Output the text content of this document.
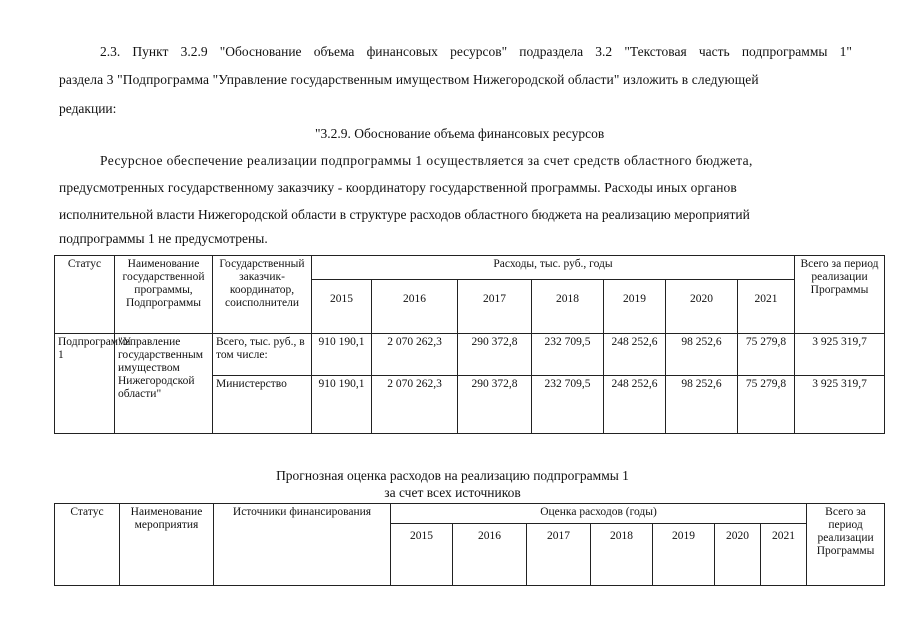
2.3. Пункт 3.2.9 "Обоснование объема финансовых ресурсов" подраздела 3.2 "Текстовая часть подпрограммы 1"
раздела 3 "Подпрограмма "Управление государственным имуществом Нижегородской области" изложить в следующей
редакции:
"3.2.9. Обоснование объема финансовых ресурсов
Ресурсное обеспечение реализации подпрограммы 1 осуществляется за счет средств областного бюджета,
предусмотренных государственному заказчику - координатору государственной программы. Расходы иных органов
исполнительной власти Нижегородской области в структуре расходов областного бюджета на реализацию мероприятий
подпрограммы 1 не предусмотрены.
Статус	Наименование государственной программы, Подпрограммы	Государственный заказчик-координатор, соисполнители	Расходы, тыс. руб., годы							Всего за период реализации Программы
			2015	2016	2017	2018	2019	2020	2021	
Подпрограмма 1	"Управление государственным имуществом Нижегородской области"	Всего, тыс. руб., в том числе:	910 190,1	2 070 262,3	290 372,8	232 709,5	248 252,6	98 252,6	75 279,8	3 925 319,7
		Министерство	910 190,1	2 070 262,3	290 372,8	232 709,5	248 252,6	98 252,6	75 279,8	3 925 319,7
Прогнозная оценка расходов на реализацию подпрограммы 1
за счет всех источников
Статус	Наименование мероприятия	Источники финансирования	Оценка расходов (годы)							Всего за период реализации Программы
			2015	2016	2017	2018	2019	2020	2021	
